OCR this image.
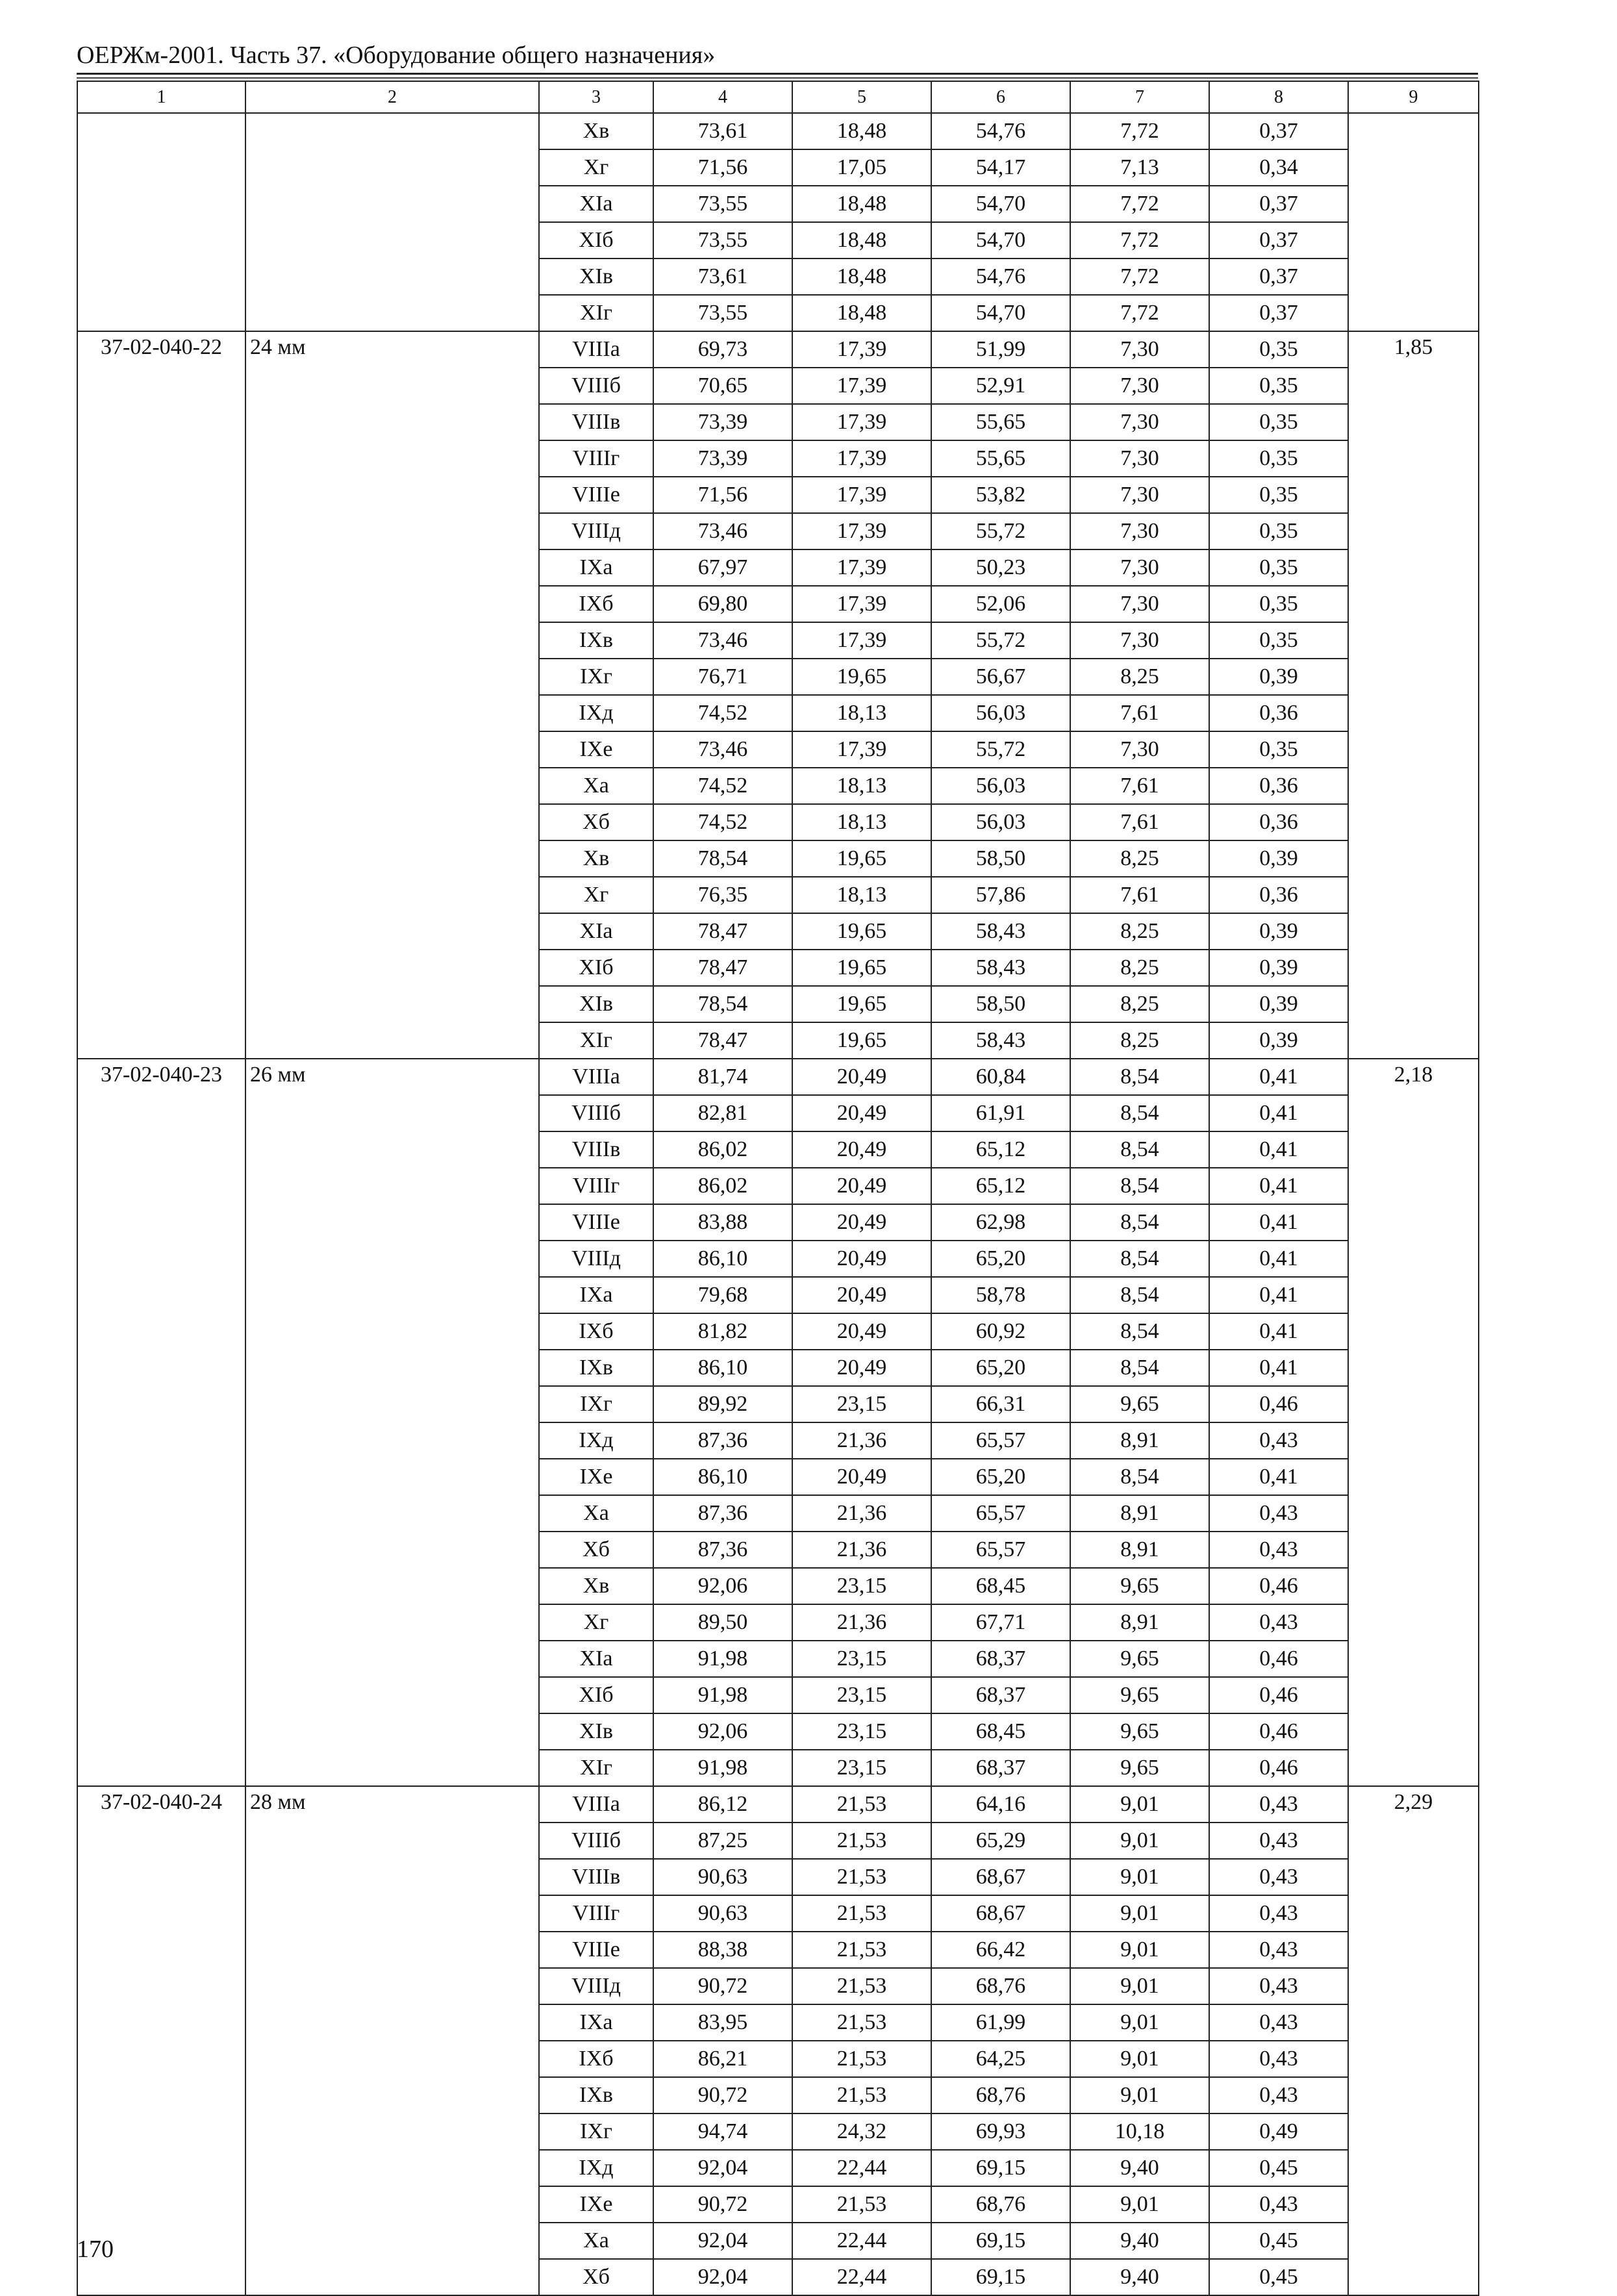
ОЕРЖм-2001. Часть 37. «Оборудование общего назначения»
1	2	3	4	5	6	7	8	9
		Xв	73,61	18,48	54,76	7,72	0,37	
		Xг	71,56	17,05	54,17	7,13	0,34	
		XIа	73,55	18,48	54,70	7,72	0,37	
		XIб	73,55	18,48	54,70	7,72	0,37	
		XIв	73,61	18,48	54,76	7,72	0,37	
		XIг	73,55	18,48	54,70	7,72	0,37	
37-02-040-22	24 мм	VIIIа	69,73	17,39	51,99	7,30	0,35	1,85
		VIIIб	70,65	17,39	52,91	7,30	0,35	
		VIIIв	73,39	17,39	55,65	7,30	0,35	
		VIIIг	73,39	17,39	55,65	7,30	0,35	
		VIIIе	71,56	17,39	53,82	7,30	0,35	
		VIIIд	73,46	17,39	55,72	7,30	0,35	
		IXа	67,97	17,39	50,23	7,30	0,35	
		IXб	69,80	17,39	52,06	7,30	0,35	
		IXв	73,46	17,39	55,72	7,30	0,35	
		IXг	76,71	19,65	56,67	8,25	0,39	
		IXд	74,52	18,13	56,03	7,61	0,36	
		IXе	73,46	17,39	55,72	7,30	0,35	
		Xа	74,52	18,13	56,03	7,61	0,36	
		Xб	74,52	18,13	56,03	7,61	0,36	
		Xв	78,54	19,65	58,50	8,25	0,39	
		Xг	76,35	18,13	57,86	7,61	0,36	
		XIа	78,47	19,65	58,43	8,25	0,39	
		XIб	78,47	19,65	58,43	8,25	0,39	
		XIв	78,54	19,65	58,50	8,25	0,39	
		XIг	78,47	19,65	58,43	8,25	0,39	
37-02-040-23	26 мм	VIIIа	81,74	20,49	60,84	8,54	0,41	2,18
		VIIIб	82,81	20,49	61,91	8,54	0,41	
		VIIIв	86,02	20,49	65,12	8,54	0,41	
		VIIIг	86,02	20,49	65,12	8,54	0,41	
		VIIIе	83,88	20,49	62,98	8,54	0,41	
		VIIIд	86,10	20,49	65,20	8,54	0,41	
		IXа	79,68	20,49	58,78	8,54	0,41	
		IXб	81,82	20,49	60,92	8,54	0,41	
		IXв	86,10	20,49	65,20	8,54	0,41	
		IXг	89,92	23,15	66,31	9,65	0,46	
		IXд	87,36	21,36	65,57	8,91	0,43	
		IXе	86,10	20,49	65,20	8,54	0,41	
		Xа	87,36	21,36	65,57	8,91	0,43	
		Xб	87,36	21,36	65,57	8,91	0,43	
		Xв	92,06	23,15	68,45	9,65	0,46	
		Xг	89,50	21,36	67,71	8,91	0,43	
		XIа	91,98	23,15	68,37	9,65	0,46	
		XIб	91,98	23,15	68,37	9,65	0,46	
		XIв	92,06	23,15	68,45	9,65	0,46	
		XIг	91,98	23,15	68,37	9,65	0,46	
37-02-040-24	28 мм	VIIIа	86,12	21,53	64,16	9,01	0,43	2,29
		VIIIб	87,25	21,53	65,29	9,01	0,43	
		VIIIв	90,63	21,53	68,67	9,01	0,43	
		VIIIг	90,63	21,53	68,67	9,01	0,43	
		VIIIе	88,38	21,53	66,42	9,01	0,43	
		VIIIд	90,72	21,53	68,76	9,01	0,43	
		IXа	83,95	21,53	61,99	9,01	0,43	
		IXб	86,21	21,53	64,25	9,01	0,43	
		IXв	90,72	21,53	68,76	9,01	0,43	
		IXг	94,74	24,32	69,93	10,18	0,49	
		IXд	92,04	22,44	69,15	9,40	0,45	
		IXе	90,72	21,53	68,76	9,01	0,43	
		Xа	92,04	22,44	69,15	9,40	0,45	
		Xб	92,04	22,44	69,15	9,40	0,45	
170
